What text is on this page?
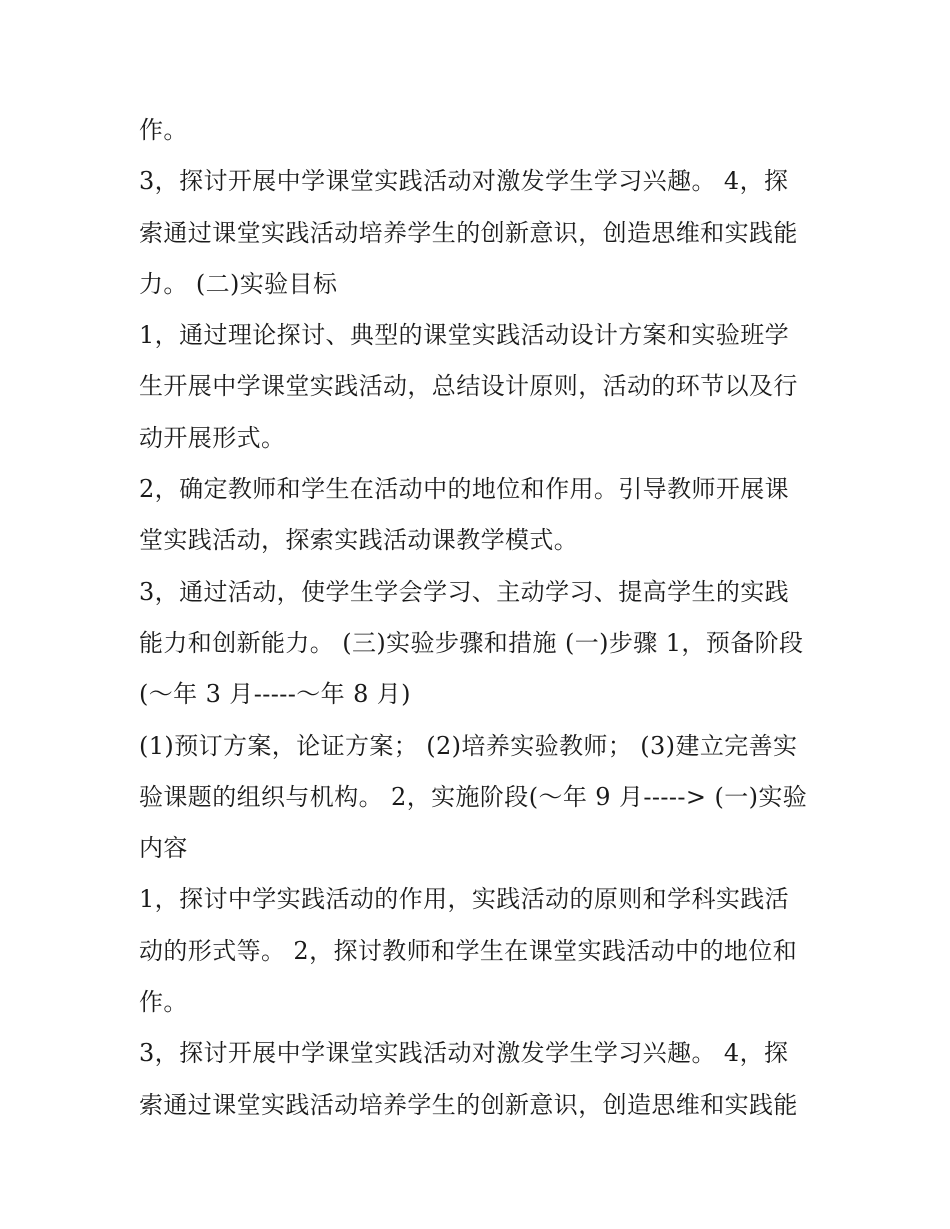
作。
3，探讨开展中学课堂实践活动对激发学生学习兴趣。 4，探
索通过课堂实践活动培养学生的创新意识，创造思维和实践能
力。 (二)实验目标
1，通过理论探讨、典型的课堂实践活动设计方案和实验班学
生开展中学课堂实践活动，总结设计原则，活动的环节以及行
动开展形式。
2，确定教师和学生在活动中的地位和作用。引导教师开展课
堂实践活动，探索实践活动课教学模式。
3，通过活动，使学生学会学习、主动学习、提高学生的实践
能力和创新能力。 (三)实验步骤和措施 (一)步骤 1，预备阶段
(～年 3 月-----～年 8 月)
(1)预订方案，论证方案； (2)培养实验教师； (3)建立完善实
验课题的组织与机构。 2，实施阶段(～年 9 月-----> (一)实验
内容
1，探讨中学实践活动的作用，实践活动的原则和学科实践活
动的形式等。 2，探讨教师和学生在课堂实践活动中的地位和
作。
3，探讨开展中学课堂实践活动对激发学生学习兴趣。 4，探
索通过课堂实践活动培养学生的创新意识，创造思维和实践能
